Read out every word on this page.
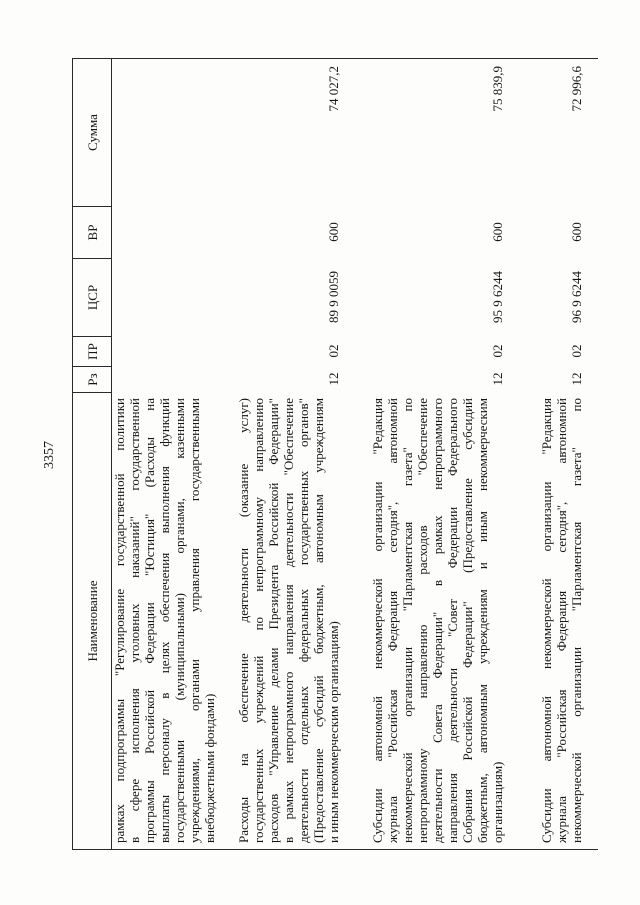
3357
Наименование
Рз
ПР
ЦСР
ВР
Сумма
рамках подпрограммы "Регулирование государственной политики в сфере исполнения уголовных наказаний" государственной программы Российской Федерации "Юстиция" (Расходы на выплаты персоналу в целях обеспечения выполнения функций государственными (муниципальными) органами, казенными учреждениями, органами управления государственными внебюджетными фондами) Расходы на обеспечение деятельности (оказание услуг) государственных учреждений по непрограммному направлению расходов "Управление делами Президента Российской Федерации" в рамках непрограммного направления деятельности "Обеспечение деятельности отдельных федеральных государственных органов" (Предоставление субсидий бюджетным, автономным учреждениям и иным некоммерческим организациям)
12
02
89 9 0059
600
74 027,2
Субсидии автономной некоммерческой организации "Редакция журнала "Российская Федерация сегодня", автономной некоммерческой организации "Парламентская газета" по непрограммному направлению расходов "Обеспечение деятельности Совета Федерации" в рамках непрограммного направления деятельности "Совет Федерации Федерального Собрания Российской Федерации" (Предоставление субсидий бюджетным, автономным учреждениям и иным некоммерческим организациям)
12
02
95 9 6244
600
75 839,9
Субсидии автономной некоммерческой организации "Редакция журнала "Российская Федерация сегодня", автономной некоммерческой организации "Парламентская газета" по
12
02
96 9 6244
600
72 996,6
